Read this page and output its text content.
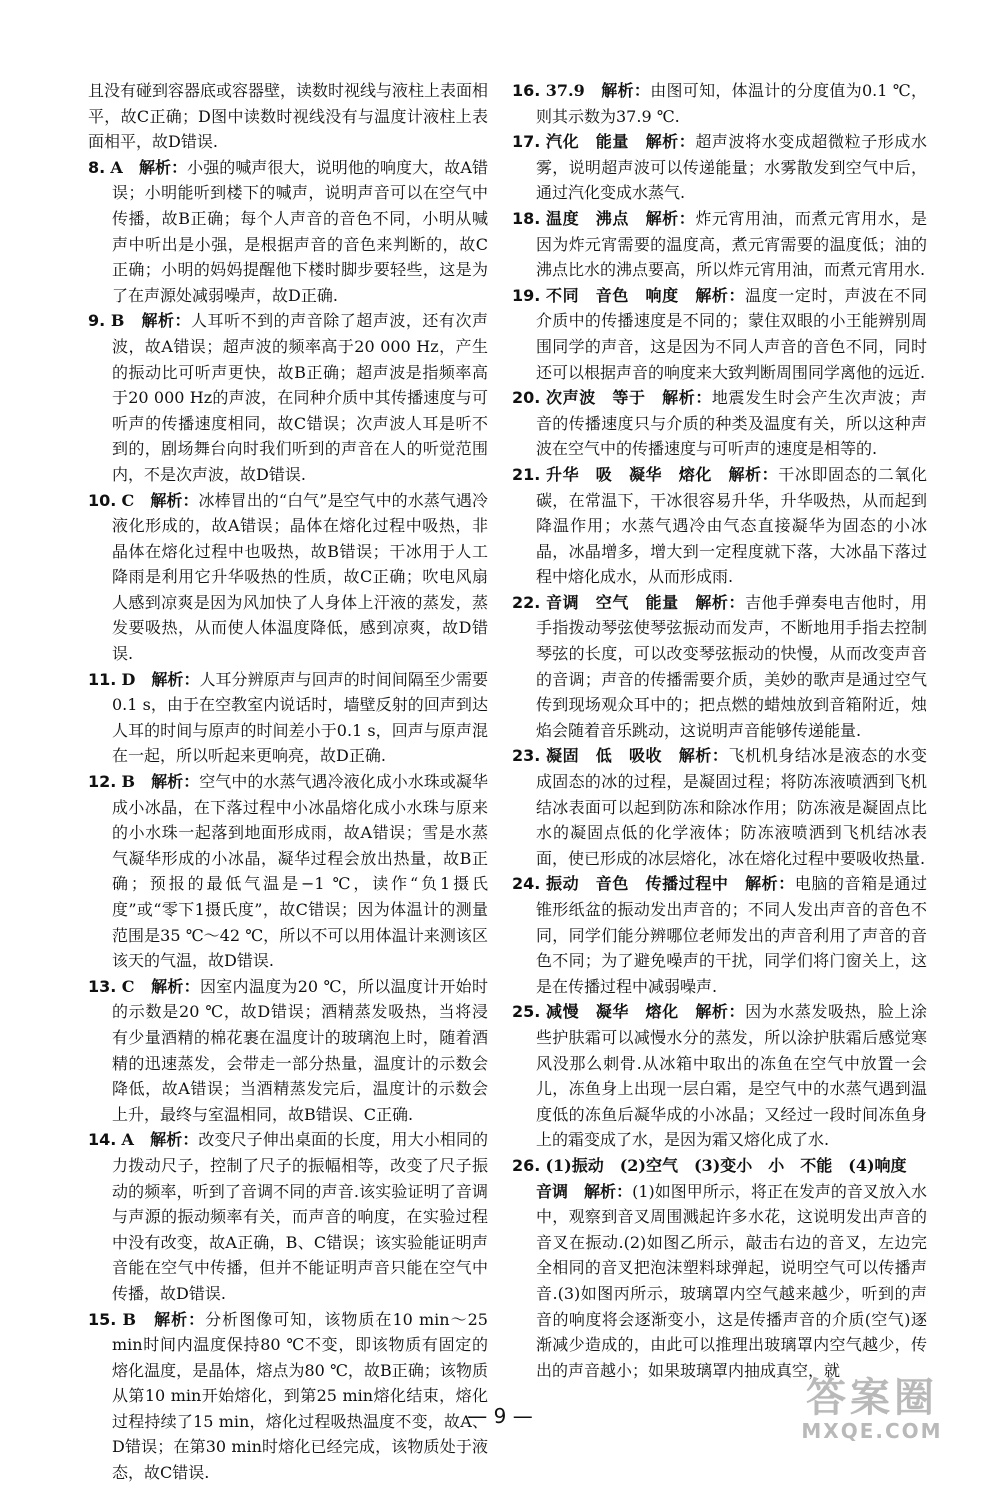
且没有碰到容器底或容器壁，读数时视线与液柱上表面相平，故C正确；D图中读数时视线没有与温度计液柱上表面相平，故D错误.

8. A　 解析：小强的喊声很大，说明他的响度大，故A错误；小明能听到楼下的喊声，说明声音可以在空气中传播，故B正确；每个人声音的音色不同，小明从喊声中听出是小强，是根据声音的音色来判断的，故C正确；小明的妈妈提醒他下楼时脚步要轻些，这是为了在声源处减弱噪声，故D正确.

9. B　 解析：人耳听不到的声音除了超声波，还有次声波，故A错误；超声波的频率高于20 000 Hz，产生的振动比可听声更快，故B正确；超声波是指频率高于20 000 Hz的声波，在同种介质中其传播速度与可听声的传播速度相同，故C错误；次声波人耳是听不到的，剧场舞台向时我们听到的声音在人的听觉范围内，不是次声波，故D错误.

10. C　 解析：冰棒冒出的“白气”是空气中的水蒸气遇冷液化形成的，故A错误；晶体在熔化过程中吸热，非晶体在熔化过程中也吸热，故B错误；干冰用于人工降雨是利用它升华吸热的性质，故C正确；吹电风扇人感到凉爽是因为风加快了人身体上汗液的蒸发，蒸发要吸热，从而使人体温度降低，感到凉爽，故D错误.

11. D　 解析：人耳分辨原声与回声的时间间隔至少需要0.1 s，由于在空教室内说话时，墙壁反射的回声到达人耳的时间与原声的时间差小于0.1 s，回声与原声混在一起，所以听起来更响亮，故D正确.

12. B　 解析：空气中的水蒸气遇冷液化成小水珠或凝华成小冰晶，在下落过程中小冰晶熔化成小水珠与原来的小水珠一起落到地面形成雨，故A错误；雪是水蒸气凝华形成的小冰晶，凝华过程会放出热量，故B正确；预报的最低气温是−1 ℃，读作“负1摄氏度”或“零下1摄氏度”，故C错误；因为体温计的测量范围是35 ℃～42 ℃，所以不可以用体温计来测该区该天的气温，故D错误.

13. C　 解析：因室内温度为20 ℃，所以温度计开始时的示数是20 ℃，故D错误；酒精蒸发吸热，当将浸有少量酒精的棉花裹在温度计的玻璃泡上时，随着酒精的迅速蒸发，会带走一部分热量，温度计的示数会降低，故A错误；当酒精蒸发完后，温度计的示数会上升，最终与室温相同，故B错误、C正确.

14. A　 解析：改变尺子伸出桌面的长度，用大小相同的力拨动尺子，控制了尺子的振幅相等，改变了尺子振动的频率，听到了音调不同的声音.该实验证明了音调与声源的振动频率有关，而声音的响度，在实验过程中没有改变，故A正确，B、C错误；该实验能证明声音能在空气中传播，但并不能证明声音只能在空气中传播，故D错误.

15. B　 解析：分析图像可知，该物质在10 min～25 min时间内温度保持80 ℃不变，即该物质有固定的熔化温度，是晶体，熔点为80 ℃，故B正确；该物质从第10 min开始熔化，到第25 min熔化结束，熔化过程持续了15 min，熔化过程吸热温度不变，故A、D错误；在第30 min时熔化已经完成，该物质处于液态，故C错误.

16. 37.9　 解析：由图可知，体温计的分度值为0.1 ℃，则其示数为37.9 ℃.

17. 汽化　能量　 解析：超声波将水变成超微粒子形成水雾，说明超声波可以传递能量；水雾散发到空气中后，通过汽化变成水蒸气.

18. 温度　沸点　 解析：炸元宵用油，而煮元宵用水，是因为炸元宵需要的温度高，煮元宵需要的温度低；油的沸点比水的沸点要高，所以炸元宵用油，而煮元宵用水.

19. 不同　音色　响度　 解析：温度一定时，声波在不同介质中的传播速度是不同的；蒙住双眼的小王能辨别周围同学的声音，这是因为不同人声音的音色不同，同时还可以根据声音的响度来大致判断周围同学离他的远近.

20. 次声波　等于　 解析：地震发生时会产生次声波；声音的传播速度只与介质的种类及温度有关，所以这种声波在空气中的传播速度与可听声的速度是相等的.

21. 升华　吸　凝华　熔化　 解析：干冰即固态的二氧化碳，在常温下，干冰很容易升华，升华吸热，从而起到降温作用；水蒸气遇冷由气态直接凝华为固态的小冰晶，冰晶增多，增大到一定程度就下落，大冰晶下落过程中熔化成水，从而形成雨.

22. 音调　空气　能量　 解析：吉他手弹奏电吉他时，用手指拨动琴弦使琴弦振动而发声，不断地用手指去控制琴弦的长度，可以改变琴弦振动的快慢，从而改变声音的音调；声音的传播需要介质，美妙的歌声是通过空气传到现场观众耳中的；把点燃的蜡烛放到音箱附近，烛焰会随着音乐跳动，这说明声音能够传递能量.

23. 凝固　低　吸收　 解析：飞机机身结冰是液态的水变成固态的冰的过程，是凝固过程；将防冻液喷洒到飞机结冰表面可以起到防冻和除冰作用；防冻液是凝固点比水的凝固点低的化学液体；防冻液喷洒到飞机结冰表面，使已形成的冰层熔化，冰在熔化过程中要吸收热量.

24. 振动　音色　传播过程中　 解析：电脑的音箱是通过锥形纸盆的振动发出声音的；不同人发出声音的音色不同，同学们能分辨哪位老师发出的声音利用了声音的音色不同；为了避免噪声的干扰，同学们将门窗关上，这是在传播过程中减弱噪声.

25. 减慢　凝华　熔化　 解析：因为水蒸发吸热，脸上涂些护肤霜可以减慢水分的蒸发，所以涂护肤霜后感觉寒风没那么刺骨.从冰箱中取出的冻鱼在空气中放置一会儿，冻鱼身上出现一层白霜，是空气中的水蒸气遇到温度低的冻鱼后凝华成的小冰晶；又经过一段时间冻鱼身上的霜变成了水，是因为霜又熔化成了水.

26. (1)振动　(2)空气　(3)变小　小　不能　(4)响度　

音调　 解析：(1)如图甲所示，将正在发声的音叉放入水中，观察到音叉周围溅起许多水花，这说明发出声音的音叉在振动.(2)如图乙所示，敲击右边的音叉，左边完全相同的音叉把泡沫塑料球弹起，说明空气可以传播声音.(3)如图丙所示，玻璃罩内空气越来越少，听到的声音的响度将会逐渐变小，这是传播声音的介质(空气)逐渐减少造成的，由此可以推理出玻璃罩内空气越少，传出的声音越小；如果玻璃罩内抽成真空，就

— 9 —	答案圈
MXQE.COM
